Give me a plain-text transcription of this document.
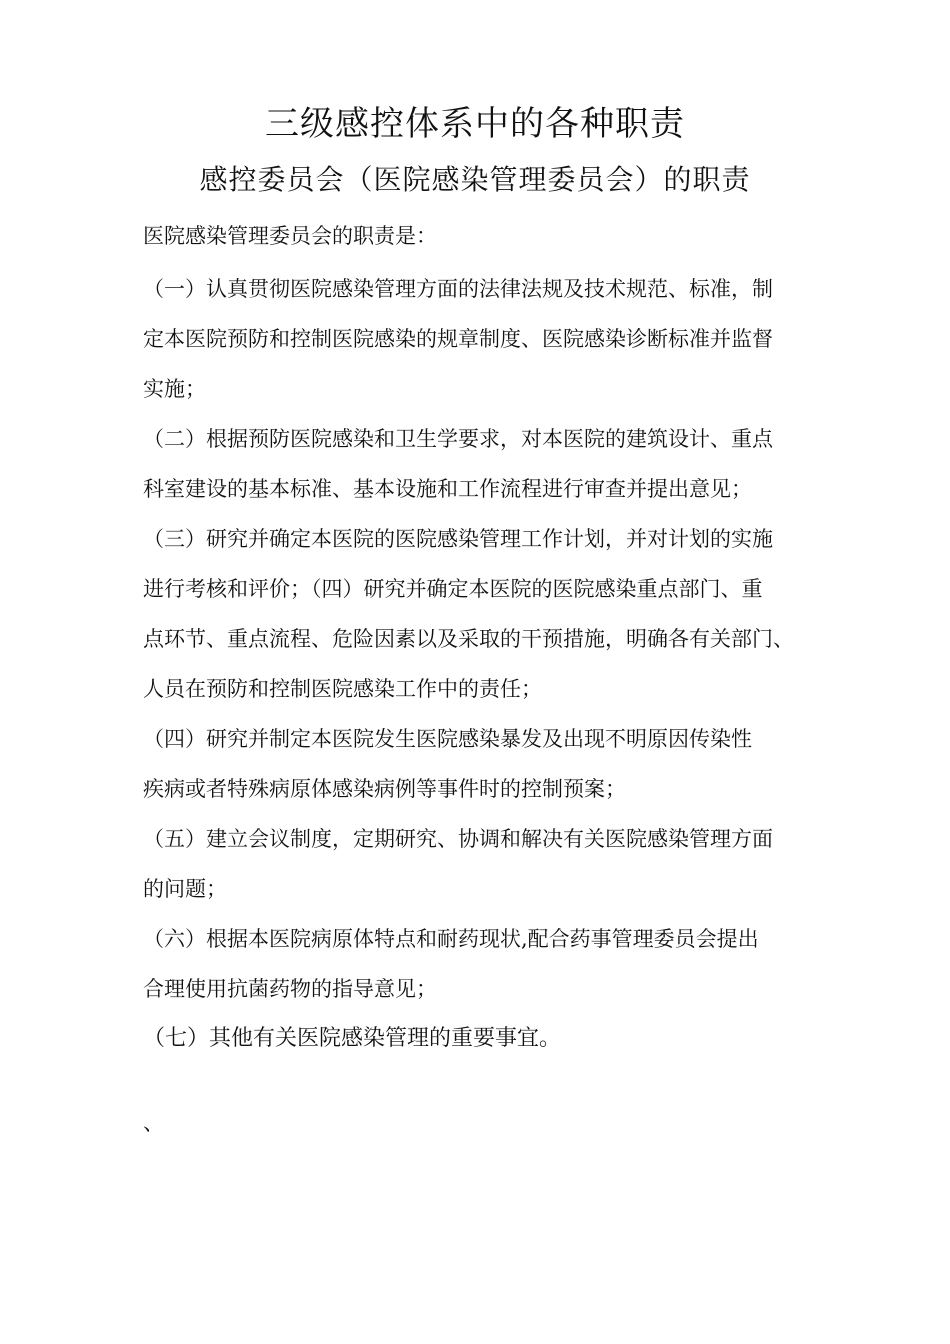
三级感控体系中的各种职责
感控委员会（医院感染管理委员会）的职责
医院感染管理委员会的职责是：

（一）认真贯彻医院感染管理方面的法律法规及技术规范、标准，制
定本医院预防和控制医院感染的规章制度、医院感染诊断标准并监督
实施；
（二）根据预防医院感染和卫生学要求，对本医院的建筑设计、重点
科室建设的基本标准、基本设施和工作流程进行审查并提出意见；
（三）研究并确定本医院的医院感染管理工作计划，并对计划的实施
进行考核和评价；（四）研究并确定本医院的医院感染重点部门、重
点环节、重点流程、危险因素以及采取的干预措施，明确各有关部门、
人员在预防和控制医院感染工作中的责任；
（四）研究并制定本医院发生医院感染暴发及出现不明原因传染性
疾病或者特殊病原体感染病例等事件时的控制预案；
（五）建立会议制度，定期研究、协调和解决有关医院感染管理方面
的问题；
（六）根据本医院病原体特点和耐药现状,配合药事管理委员会提出
合理使用抗菌药物的指导意见；
（七）其他有关医院感染管理的重要事宜。

、
